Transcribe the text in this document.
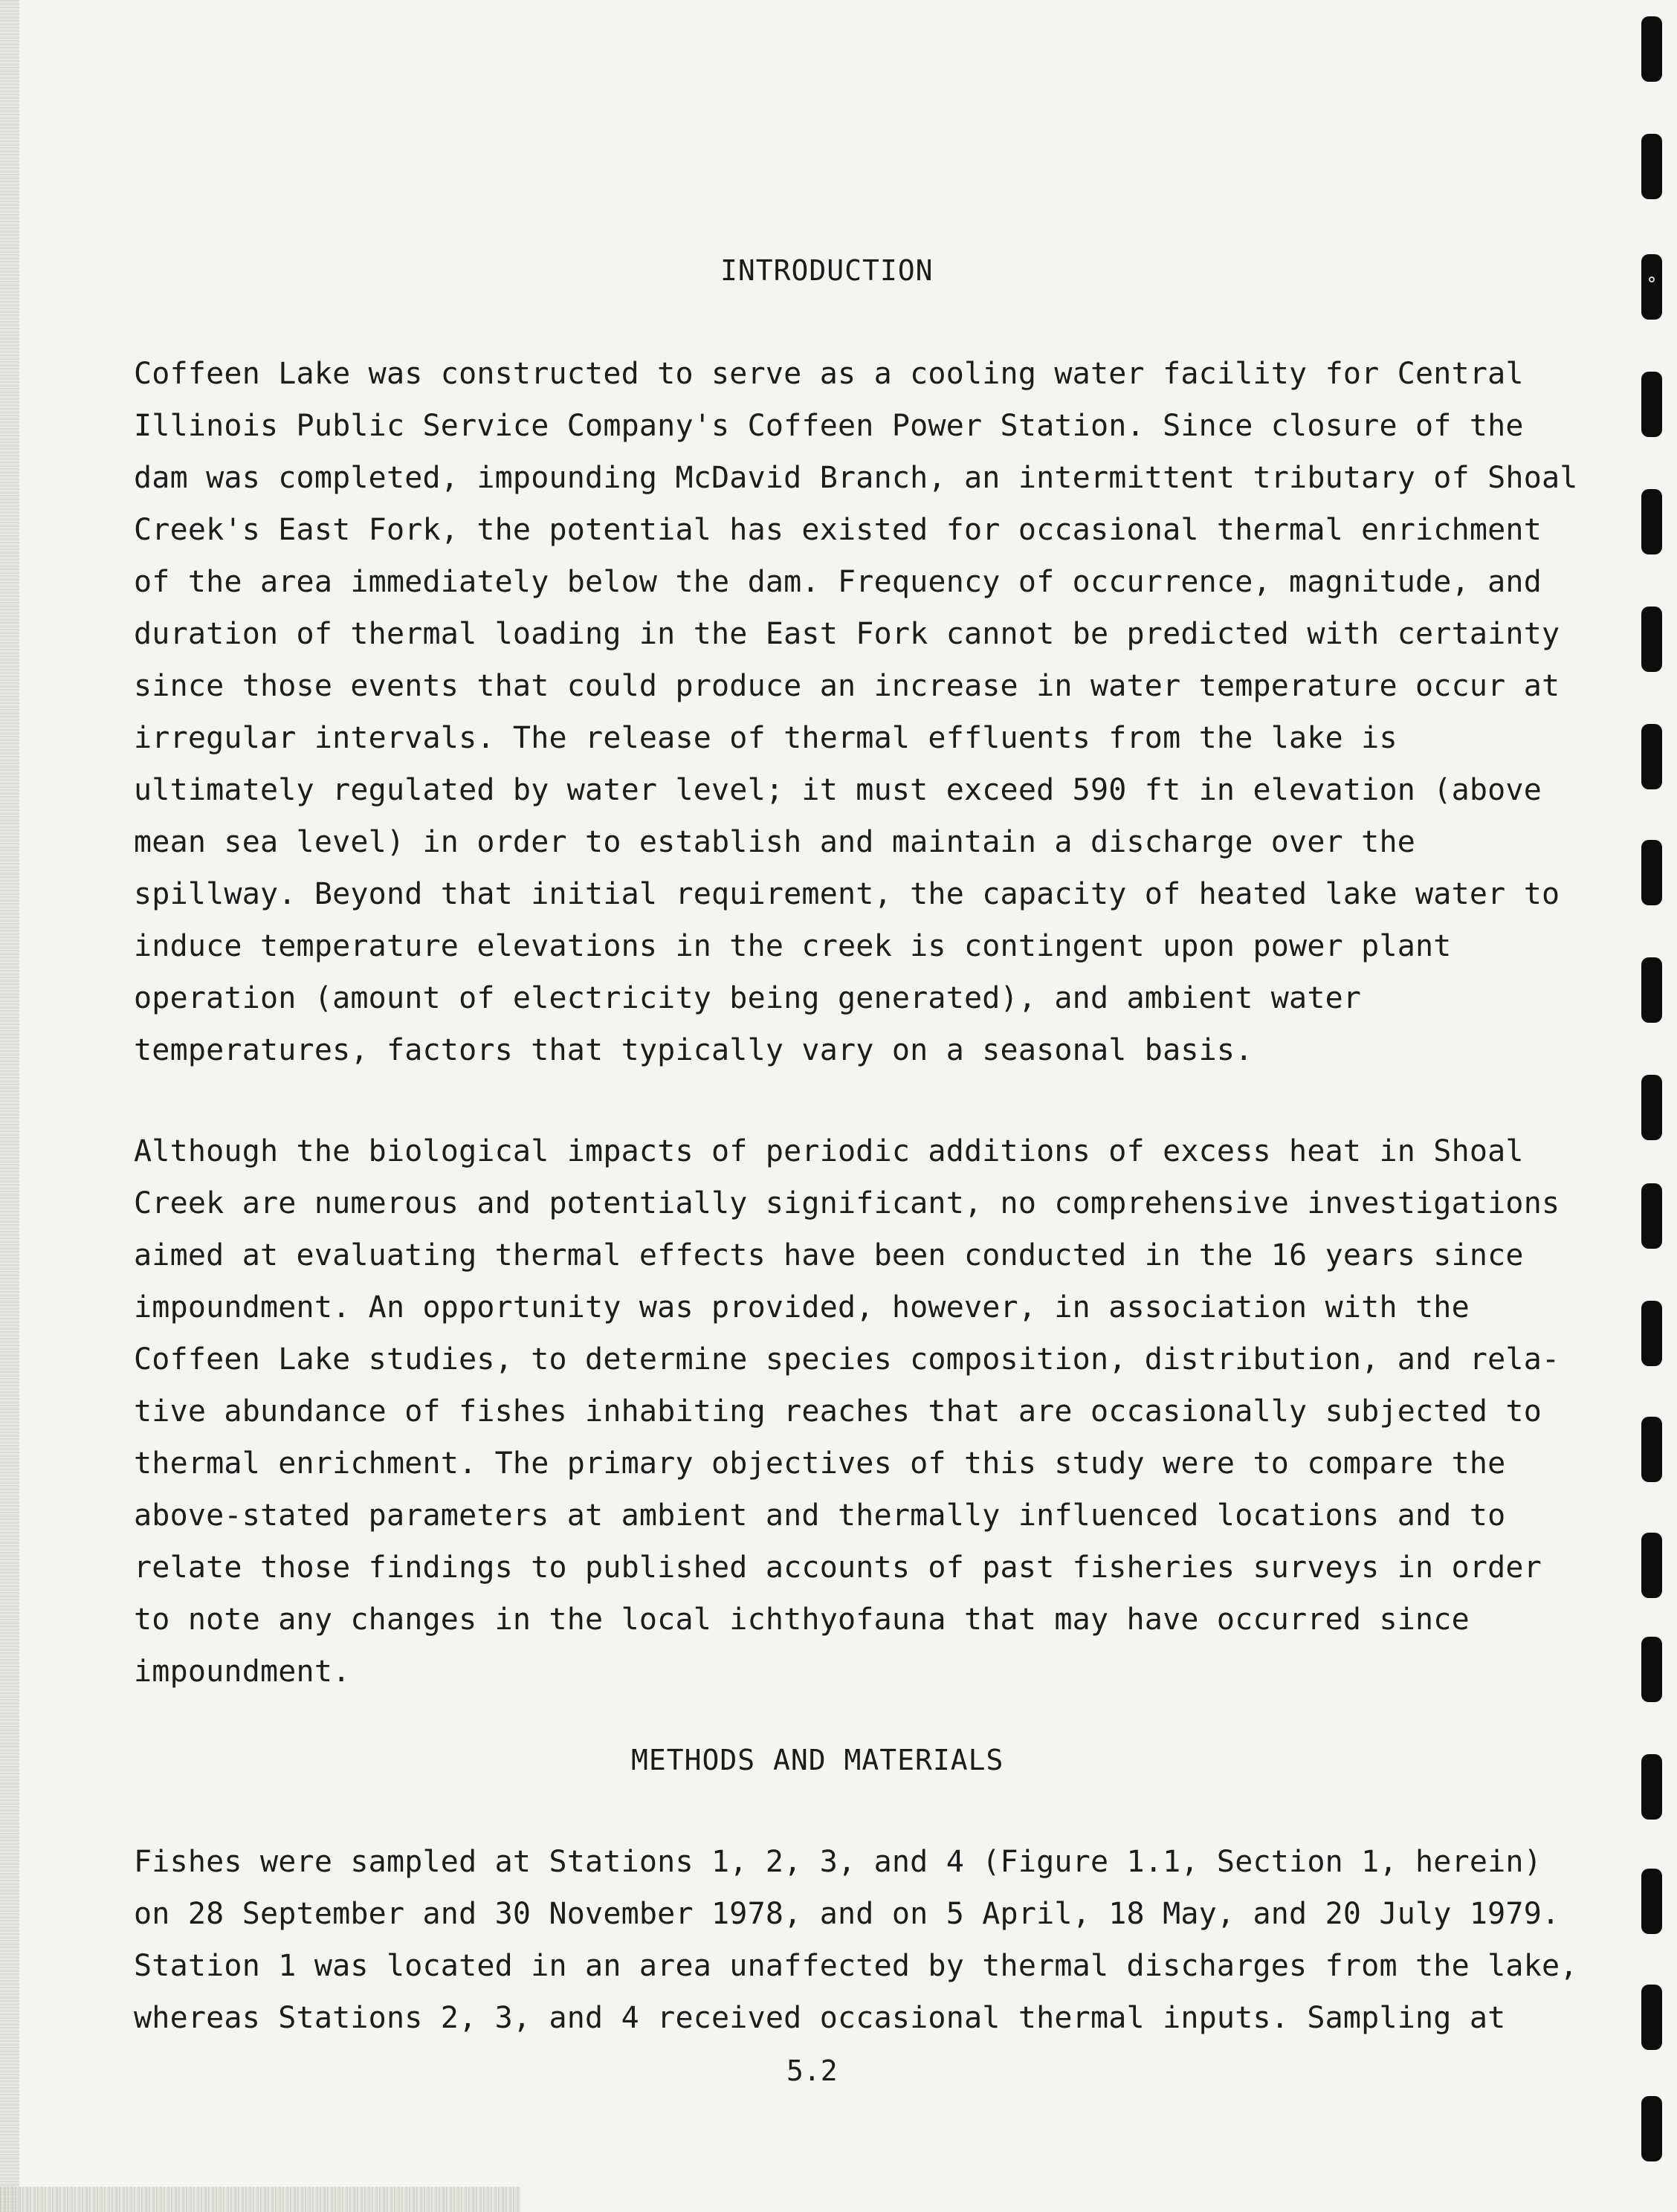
INTRODUCTION
Coffeen Lake was constructed to serve as a cooling water facility for Central
Illinois Public Service Company's Coffeen Power Station. Since closure of the
dam was completed, impounding McDavid Branch, an intermittent tributary of Shoal
Creek's East Fork, the potential has existed for occasional thermal enrichment
of the area immediately below the dam. Frequency of occurrence, magnitude, and
duration of thermal loading in the East Fork cannot be predicted with certainty
since those events that could produce an increase in water temperature occur at
irregular intervals. The release of thermal effluents from the lake is
ultimately regulated by water level; it must exceed 590 ft in elevation (above
mean sea level) in order to establish and maintain a discharge over the
spillway. Beyond that initial requirement, the capacity of heated lake water to
induce temperature elevations in the creek is contingent upon power plant
operation (amount of electricity being generated), and ambient water
temperatures, factors that typically vary on a seasonal basis.
Although the biological impacts of periodic additions of excess heat in Shoal
Creek are numerous and potentially significant, no comprehensive investigations
aimed at evaluating thermal effects have been conducted in the 16 years since
impoundment. An opportunity was provided, however, in association with the
Coffeen Lake studies, to determine species composition, distribution, and rela-
tive abundance of fishes inhabiting reaches that are occasionally subjected to
thermal enrichment. The primary objectives of this study were to compare the
above-stated parameters at ambient and thermally influenced locations and to
relate those findings to published accounts of past fisheries surveys in order
to note any changes in the local ichthyofauna that may have occurred since
impoundment.
METHODS AND MATERIALS
Fishes were sampled at Stations 1, 2, 3, and 4 (Figure 1.1, Section 1, herein)
on 28 September and 30 November 1978, and on 5 April, 18 May, and 20 July 1979.
Station 1 was located in an area unaffected by thermal discharges from the lake,
whereas Stations 2, 3, and 4 received occasional thermal inputs. Sampling at
5.2
